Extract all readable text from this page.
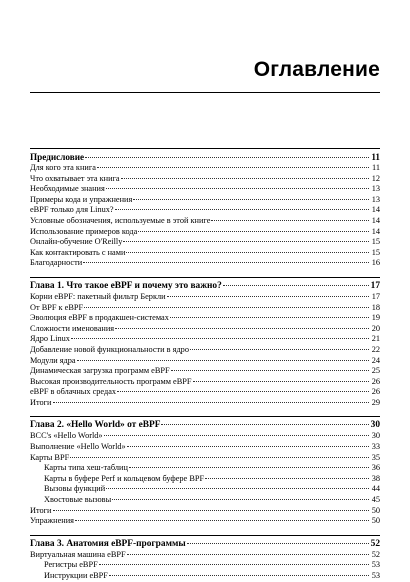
Оглавление
Предисловие	11
Для кого эта книга	11
Что охватывает эта книга	12
Необходимые знания	13
Примеры кода и упражнения	13
eBPF только для Linux?	14
Условные обозначения, используемые в этой книге	14
Использование примеров кода	14
Онлайн-обучение O'Reilly	15
Как контактировать с нами	15
Благодарности	16
Глава 1. Что такое eBPF и почему это важно?	17
Корни eBPF: пакетный фильтр Беркли	17
От BPF к eBPF	18
Эволюция eBPF в продакшен-системах	19
Сложности именования	20
Ядро Linux	21
Добавление новой функциональности в ядро	22
Модули ядра	24
Динамическая загрузка программ eBPF	25
Высокая производительность программ eBPF	26
eBPF в облачных средах	26
Итоги	29
Глава 2. «Hello World» от eBPF	30
BCC's «Hello World»	30
Выполнение «Hello World»	33
Карты BPF	35
Карты типа хеш-таблиц	36
Карты в буфере Perf и кольцевом буфере BPF	38
Вызовы функций	44
Хвостовые вызовы	45
Итоги	50
Упражнения	50
Глава 3. Анатомия eBPF-программы	52
Виртуальная машина eBPF	52
Регистры eBPF	53
Инструкции eBPF	53
